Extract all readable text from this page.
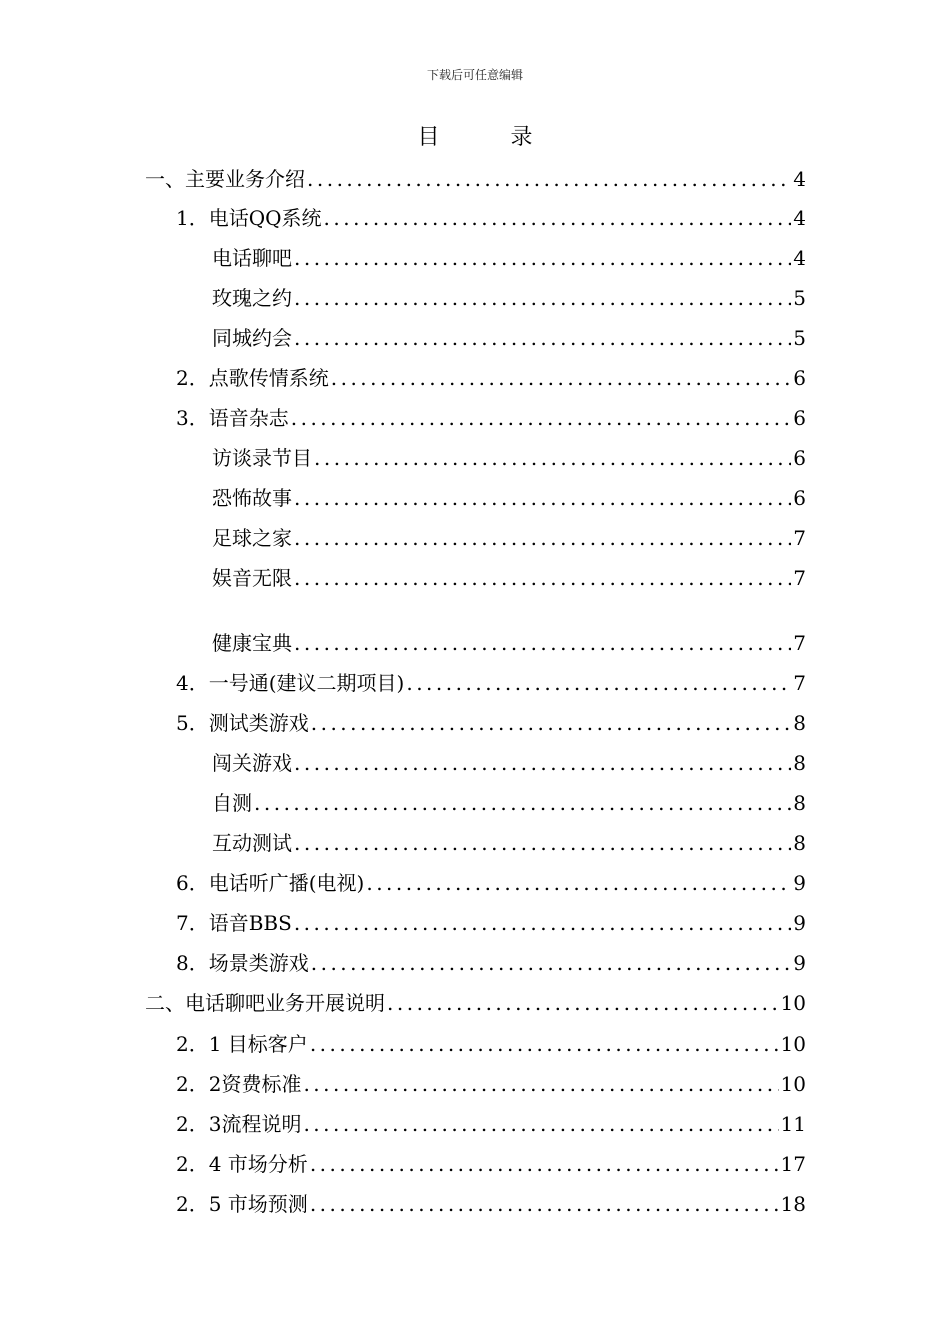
下载后可任意编辑
目 录
一、主要业务介绍 .....	4
1．电话QQ系统 .....	4
电话聊吧 .....	4
玫瑰之约 .....	5
同城约会 .....	5
2．点歌传情系统 .....	6
3．语音杂志 .....	6
访谈录节目 .....	6
恐怖故事 .....	6
足球之家 .....	7
娱音无限 .....	7
健康宝典 .....	7
4．一号通(建议二期项目) .....	7
5．测试类游戏 .....	8
闯关游戏 .....	8
自测 .....	8
互动测试 .....	8
6．电话听广播(电视) .....	9
7．语音BBS .....	9
8．场景类游戏 .....	9
二、电话聊吧业务开展说明 .....	10
2．1 目标客户 .....	10
2．2资费标准 .....	10
2．3流程说明 .....	11
2．4 市场分析 .....	17
2．5 市场预测 .....	18
